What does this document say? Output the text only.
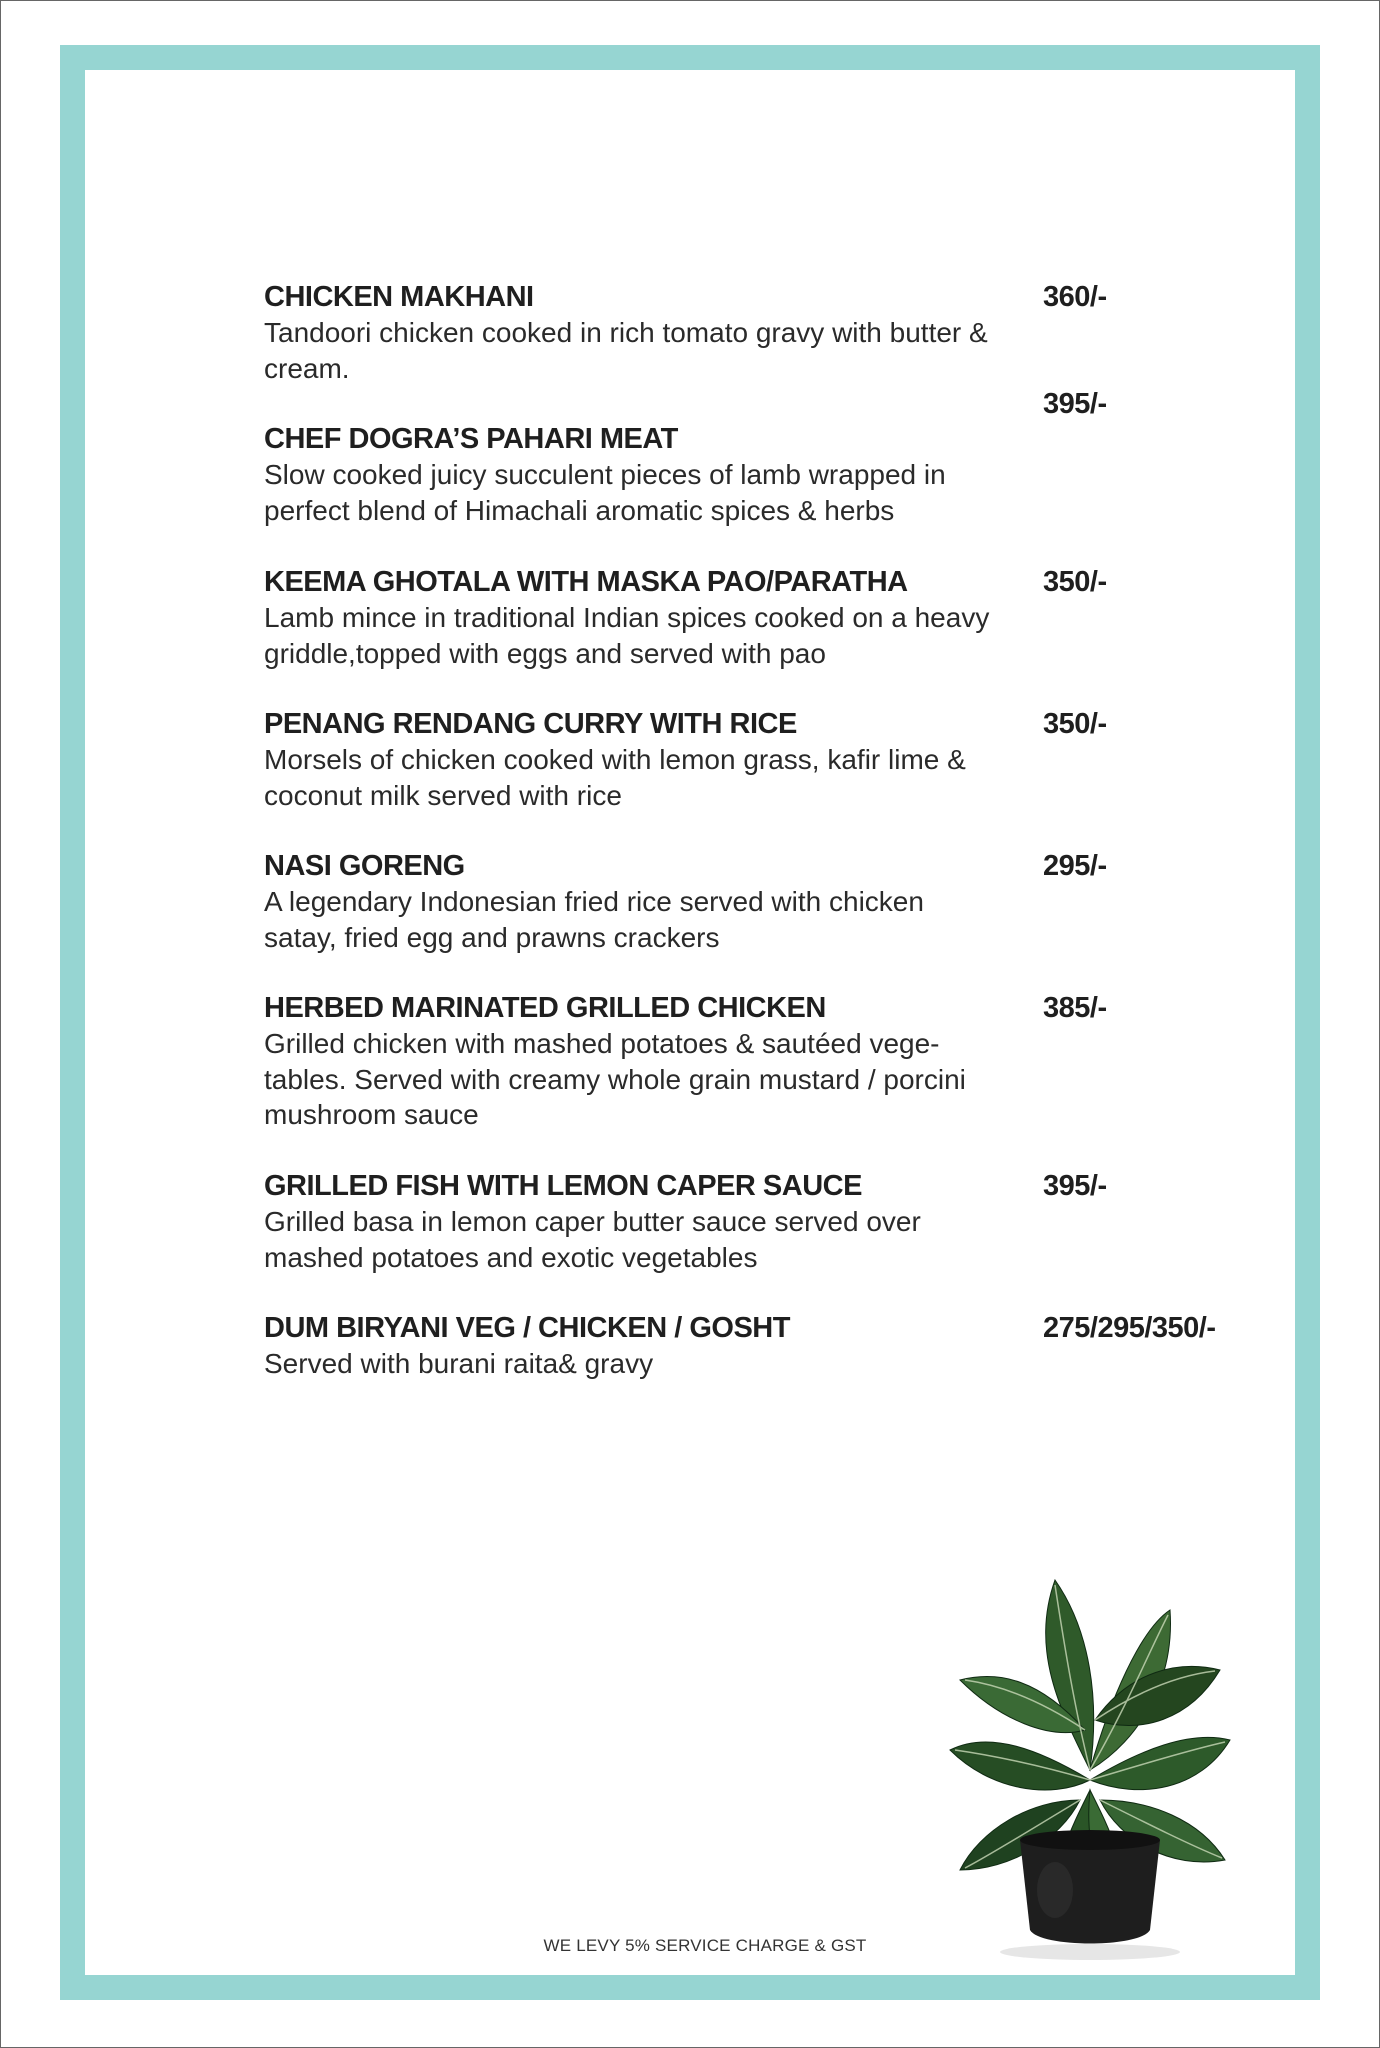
CHICKEN MAKHANI
Tandoori chicken cooked in rich tomato gravy with butter & cream.
360/-
CHEF DOGRA’S PAHARI MEAT
Slow cooked juicy succulent pieces of lamb wrapped in perfect blend of Himachali aromatic spices & herbs
395/-
KEEMA GHOTALA WITH MASKA PAO/PARATHA
Lamb mince in traditional Indian spices cooked on a heavy griddle,topped with eggs and served with pao
350/-
PENANG RENDANG CURRY WITH RICE
Morsels of chicken cooked with lemon grass, kafir lime & coconut milk served with rice
350/-
NASI GORENG
A legendary Indonesian fried rice served with chicken satay, fried egg and prawns crackers
295/-
HERBED MARINATED GRILLED CHICKEN
Grilled chicken with mashed potatoes & sautéed vege-tables. Served with creamy whole grain mustard / porcini mushroom sauce
385/-
GRILLED FISH WITH LEMON CAPER SAUCE
Grilled basa in lemon caper butter sauce served over mashed potatoes and exotic vegetables
395/-
DUM BIRYANI VEG / CHICKEN / GOSHT
Served with burani raita& gravy
275/295/350/-
WE LEVY 5% SERVICE CHARGE & GST
